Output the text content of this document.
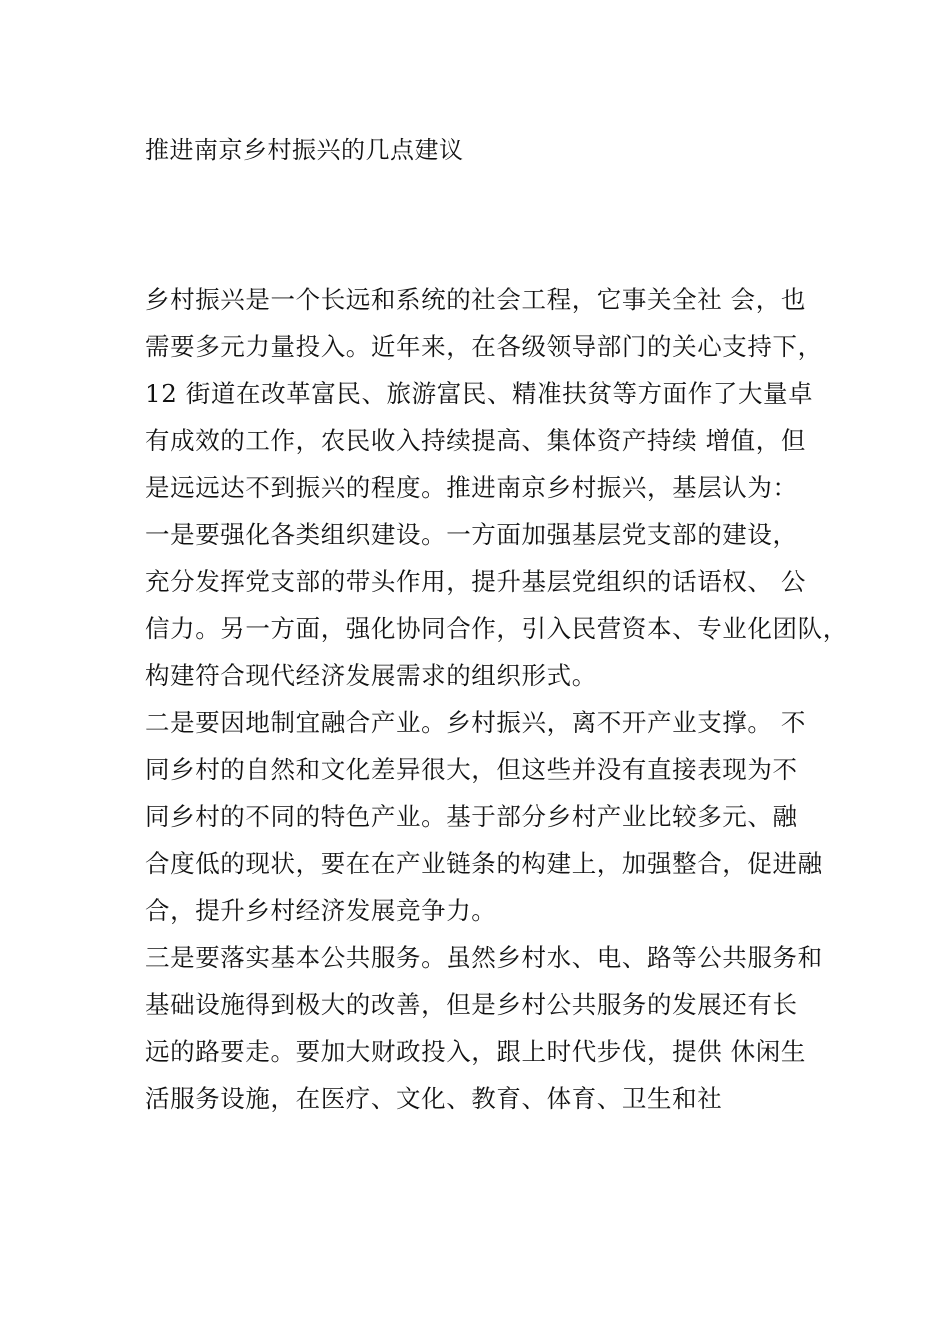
推进南京乡村振兴的几点建议
乡村振兴是一个长远和系统的社会工程，它事关全社 会，也
需要多元力量投入。近年来，在各级领导部门的关心支持下，
12 街道在改革富民、旅游富民、精准扶贫等方面作了大量卓
有成效的工作，农民收入持续提高、集体资产持续 增值，但
是远远达不到振兴的程度。推进南京乡村振兴，基层认为：
一是要强化各类组织建设。一方面加强基层党支部的建设，
充分发挥党支部的带头作用，提升基层党组织的话语权、 公
信力。另一方面，强化协同合作，引入民营资本、专业化团队，
构建符合现代经济发展需求的组织形式。
二是要因地制宜融合产业。乡村振兴，离不开产业支撑。 不
同乡村的自然和文化差异很大，但这些并没有直接表现为不
同乡村的不同的特色产业。基于部分乡村产业比较多元、融
合度低的现状，要在在产业链条的构建上，加强整合，促进融
合，提升乡村经济发展竞争力。
三是要落实基本公共服务。虽然乡村水、电、路等公共服务和
基础设施得到极大的改善，但是乡村公共服务的发展还有长
远的路要走。要加大财政投入，跟上时代步伐，提供 休闲生
活服务设施，在医疗、文化、教育、体育、卫生和社
